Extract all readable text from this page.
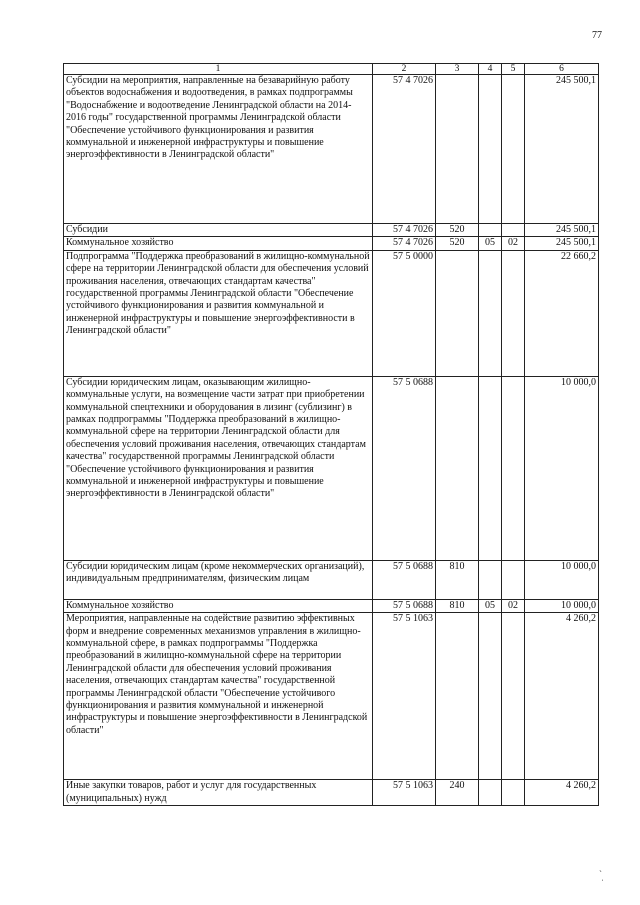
77
1	2	3	4	5	6
Субсидии на мероприятия, направленные на безаварийную работу объектов водоснабжения и водоотведения, в рамках подпрограммы "Водоснабжение и водоотведение Ленинградской области на 2014-2016 годы" государственной программы Ленинградской области "Обеспечение устойчивого функционирования и развития коммунальной и инженерной инфраструктуры и повышение энергоэффективности в Ленинградской области"	57 4 7026				245 500,1
Субсидии	57 4 7026	520			245 500,1
Коммунальное хозяйство	57 4 7026	520	05	02	245 500,1
Подпрограмма "Поддержка преобразований в жилищно-коммунальной сфере на территории Ленинградской области для обеспечения условий проживания населения, отвечающих стандартам качества" государственной программы Ленинградской области "Обеспечение устойчивого функционирования и развития коммунальной и инженерной инфраструктуры и повышение энергоэффективности в Ленинградской области"	57 5 0000				22 660,2
Субсидии юридическим лицам, оказывающим жилищно-коммунальные услуги, на возмещение части затрат при приобретении коммунальной спецтехники и оборудования в лизинг (сублизинг) в рамках подпрограммы "Поддержка преобразований в жилищно-коммунальной сфере на территории Ленинградской области для обеспечения условий проживания населения, отвечающих стандартам качества" государственной программы Ленинградской области "Обеспечение устойчивого функционирования и развития коммунальной и инженерной инфраструктуры и повышение энергоэффективности в Ленинградской области"	57 5 0688				10 000,0
Субсидии юридическим лицам (кроме некоммерческих организаций), индивидуальным предпринимателям, физическим лицам	57 5 0688	810			10 000,0
Коммунальное хозяйство	57 5 0688	810	05	02	10 000,0
Мероприятия, направленные на содействие развитию эффективных форм и внедрение современных механизмов управления в жилищно-коммунальной сфере, в рамках подпрограммы "Поддержка преобразований в жилищно-коммунальной сфере на территории Ленинградской области для обеспечения условий проживания населения, отвечающих стандартам качества" государственной программы Ленинградской области "Обеспечение устойчивого функционирования и развития коммунальной и инженерной инфраструктуры и повышение энергоэффективности в Ленинградской области"	57 5 1063				4 260,2
Иные закупки товаров, работ и услуг для государственных (муниципальных) нужд	57 5 1063	240			4 260,2
ˎ
ˈ
